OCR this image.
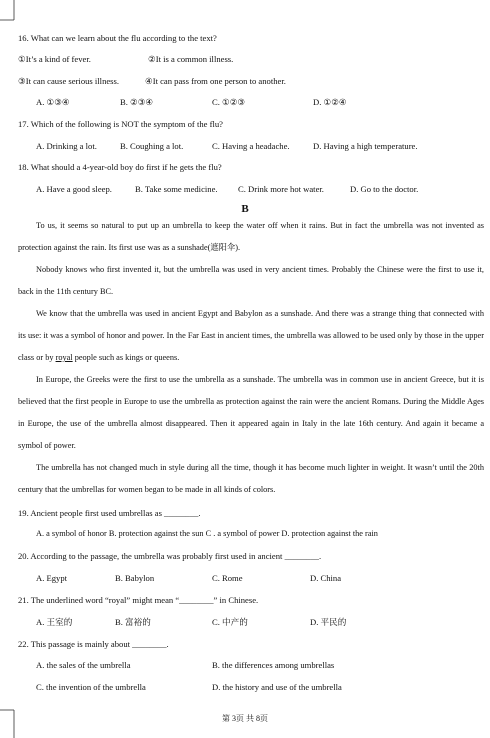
16. What can we learn about the flu according to the text?
①It’s a kind of fever.	②It is a common illness.
③It can cause serious illness.	④It can pass from one person to another.
A. ①③④	B. ②③④	C. ①②③	D. ①②④
17. Which of the following is NOT the symptom of the flu?
A. Drinking a lot.	B. Coughing a lot.	C. Having a headache.	D. Having a high temperature.
18. What should a 4-year-old boy do first if he gets the flu?
A. Have a good sleep.	B. Take some medicine. C. Drink more hot water.	D. Go to the doctor.
B
To us, it seems so natural to put up an umbrella to keep the water off when it rains. But in fact the umbrella was not invented as protection against the rain. Its first use was as a sunshade(遮阳伞).
Nobody knows who first invented it, but the umbrella was used in very ancient times. Probably the Chinese were the first to use it, back in the 11th century BC.
We know that the umbrella was used in ancient Egypt and Babylon as a sunshade. And there was a strange thing that connected with its use: it was a symbol of honor and power. In the Far East in ancient times, the umbrella was allowed to be used only by those in the upper class or by royal people such as kings or queens.
In Europe, the Greeks were the first to use the umbrella as a sunshade. The umbrella was in common use in ancient Greece, but it is believed that the first people in Europe to use the umbrella as protection against the rain were the ancient Romans. During the Middle Ages in Europe, the use of the umbrella almost disappeared. Then it appeared again in Italy in the late 16th century. And again it became a symbol of power.
The umbrella has not changed much in style during all the time, though it has become much lighter in weight. It wasn’t until the 20th century that the umbrellas for women began to be made in all kinds of colors.
19. Ancient people first used umbrellas as ________.
A. a symbol of honor B. protection against the sun C . a symbol of power D. protection against the rain
20. According to the passage, the umbrella was probably first used in ancient ________.
A. Egypt	B. Babylon	C. Rome	D. China
21. The underlined word “royal” might mean “________” in Chinese.
A. 王室的	B. 富裕的	C. 中产的	D. 平民的
22. This passage is mainly about ________.
A. the sales of the umbrella	B. the differences among umbrellas
C. the invention of the umbrella	D. the history and use of the umbrella
第 3页 共 8页
